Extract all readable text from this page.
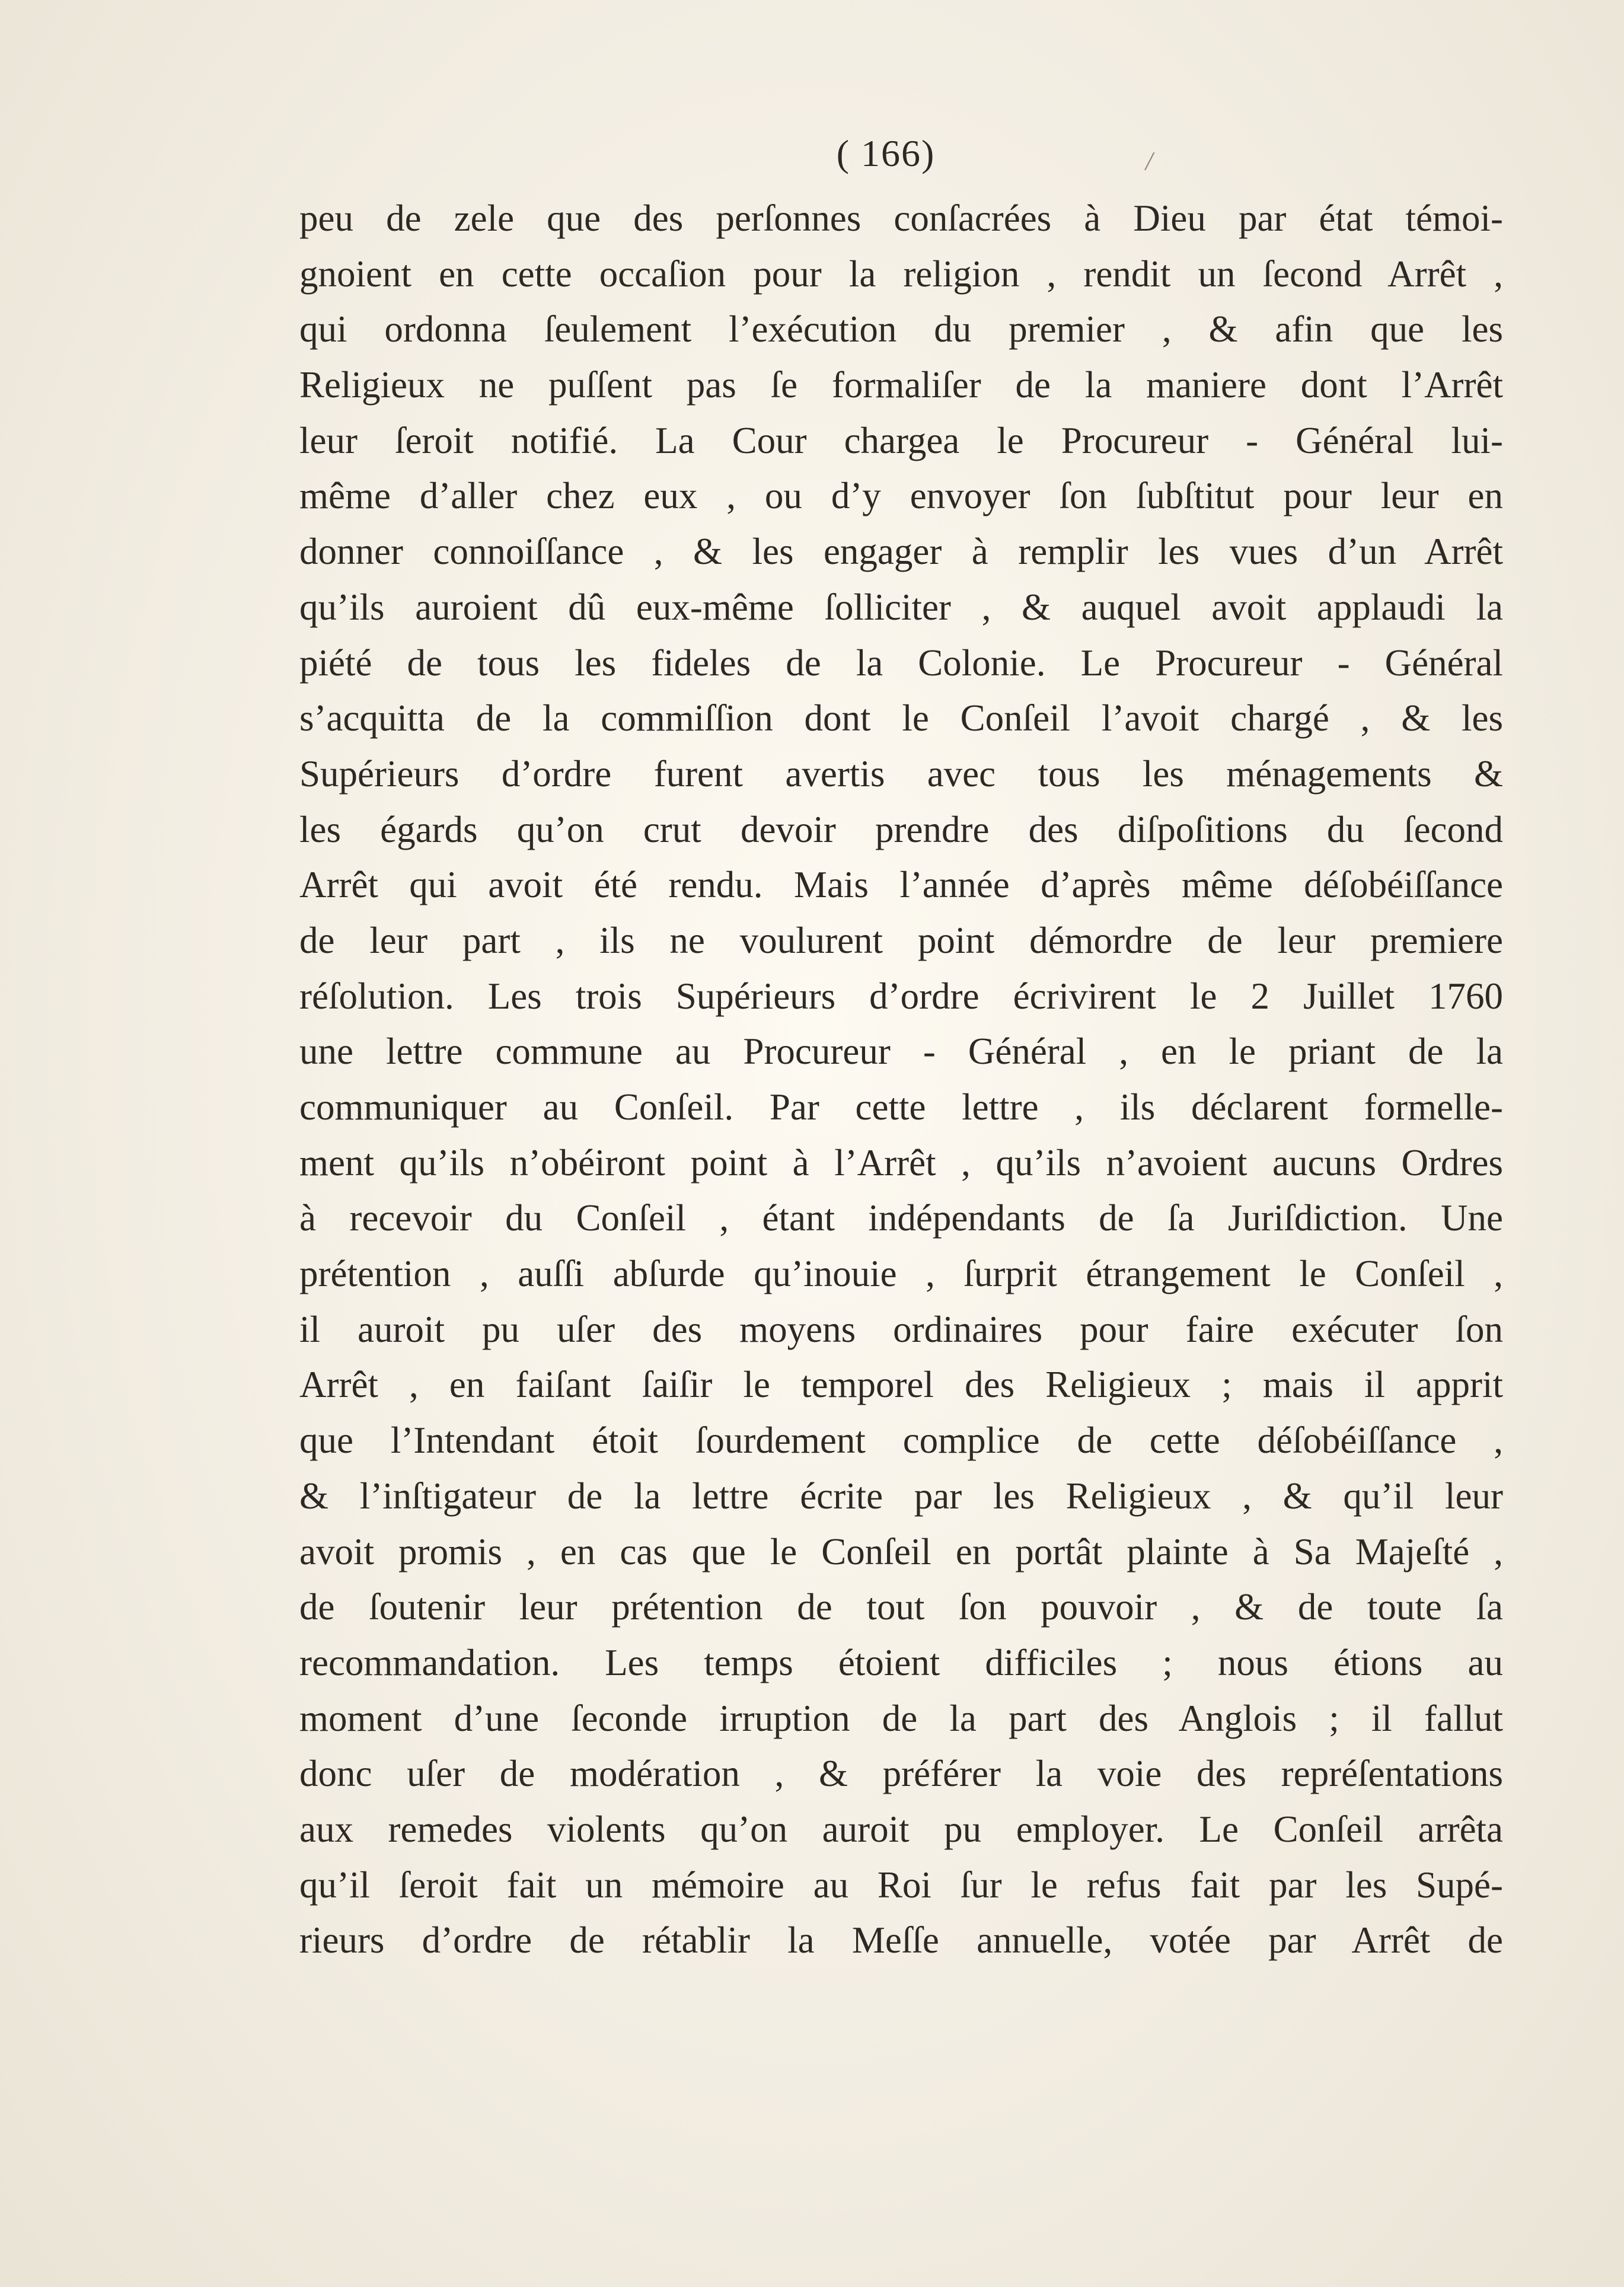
( 166)	/
peu de zele que des perſonnes conſacrées à Dieu par état témoi-
gnoient en cette occaſion pour la religion , rendit un ſecond Arrêt ,
qui ordonna ſeulement l’exécution du premier , & afin que les
Religieux ne puſſent pas ſe formaliſer de la maniere dont l’Arrêt
leur ſeroit notifié. La Cour chargea le Procureur - Général lui-
même d’aller chez eux , ou d’y envoyer ſon ſubſtitut pour leur en
donner connoiſſance , & les engager à remplir les vues d’un Arrêt
qu’ils auroient dû eux-même ſolliciter , & auquel avoit applaudi la
piété de tous les fideles de la Colonie. Le Procureur - Général
s’acquitta de la commiſſion dont le Conſeil l’avoit chargé , & les
Supérieurs d’ordre furent avertis avec tous les ménagements &
les égards qu’on crut devoir prendre des diſpoſitions du ſecond
Arrêt qui avoit été rendu. Mais l’année d’après même déſobéiſſance
de leur part , ils ne voulurent point démordre de leur premiere
réſolution. Les trois Supérieurs d’ordre écrivirent le 2 Juillet 1760
une lettre commune au Procureur - Général , en le priant de la
communiquer au Conſeil. Par cette lettre , ils déclarent formelle-
ment qu’ils n’obéiront point à l’Arrêt , qu’ils n’avoient aucuns Ordres
à recevoir du Conſeil , étant indépendants de ſa Juriſdiction. Une
prétention , auſſi abſurde qu’inouie , ſurprit étrangement le Conſeil ,
il auroit pu uſer des moyens ordinaires pour faire exécuter ſon
Arrêt , en faiſant ſaiſir le temporel des Religieux ; mais il apprit
que l’Intendant étoit ſourdement complice de cette déſobéiſſance ,
& l’inſtigateur de la lettre écrite par les Religieux , & qu’il leur
avoit promis , en cas que le Conſeil en portât plainte à Sa Majeſté ,
de ſoutenir leur prétention de tout ſon pouvoir , & de toute ſa
recommandation. Les temps étoient difficiles ; nous étions au
moment d’une ſeconde irruption de la part des Anglois ; il fallut
donc uſer de modération , & préférer la voie des repréſentations
aux remedes violents qu’on auroit pu employer. Le Conſeil arrêta
qu’il ſeroit fait un mémoire au Roi ſur le refus fait par les Supé-
rieurs d’ordre de rétablir la Meſſe annuelle, votée par Arrêt de
